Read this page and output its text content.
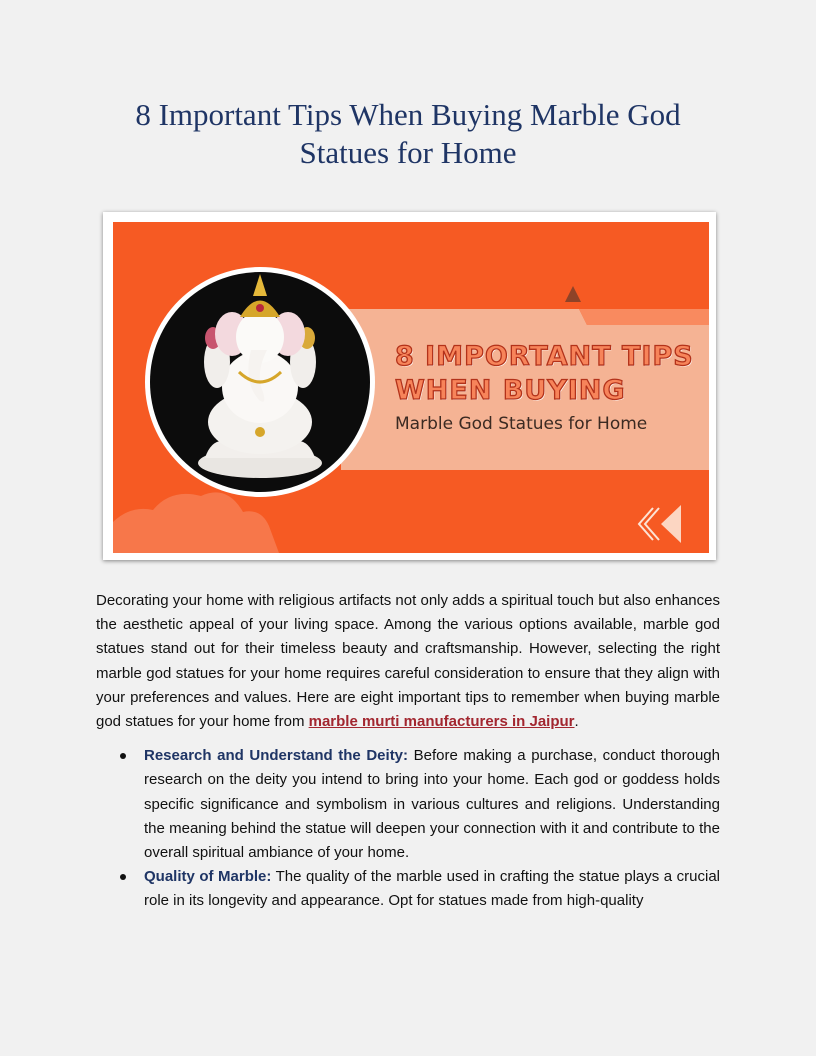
8 Important Tips When Buying Marble God
Statues for Home
8 IMPORTANT TIPS
WHEN BUYING
Marble God Statues for Home

Decorating your home with religious artifacts not only adds a spiritual touch but also enhances the aesthetic appeal of your living space. Among the various options available, marble god statues stand out for their timeless beauty and craftsmanship. However, selecting the right marble god statues for your home requires careful consideration to ensure that they align with your preferences and values. Here are eight important tips to remember when buying marble god statues for your home from marble murti manufacturers in Jaipur.

Research and Understand the Deity: Before making a purchase, conduct thorough research on the deity you intend to bring into your home. Each god or goddess holds specific significance and symbolism in various cultures and religions. Understanding the meaning behind the statue will deepen your connection with it and contribute to the overall spiritual ambiance of your home.
Quality of Marble: The quality of the marble used in crafting the statue plays a crucial role in its longevity and appearance. Opt for statues made from high-quality
